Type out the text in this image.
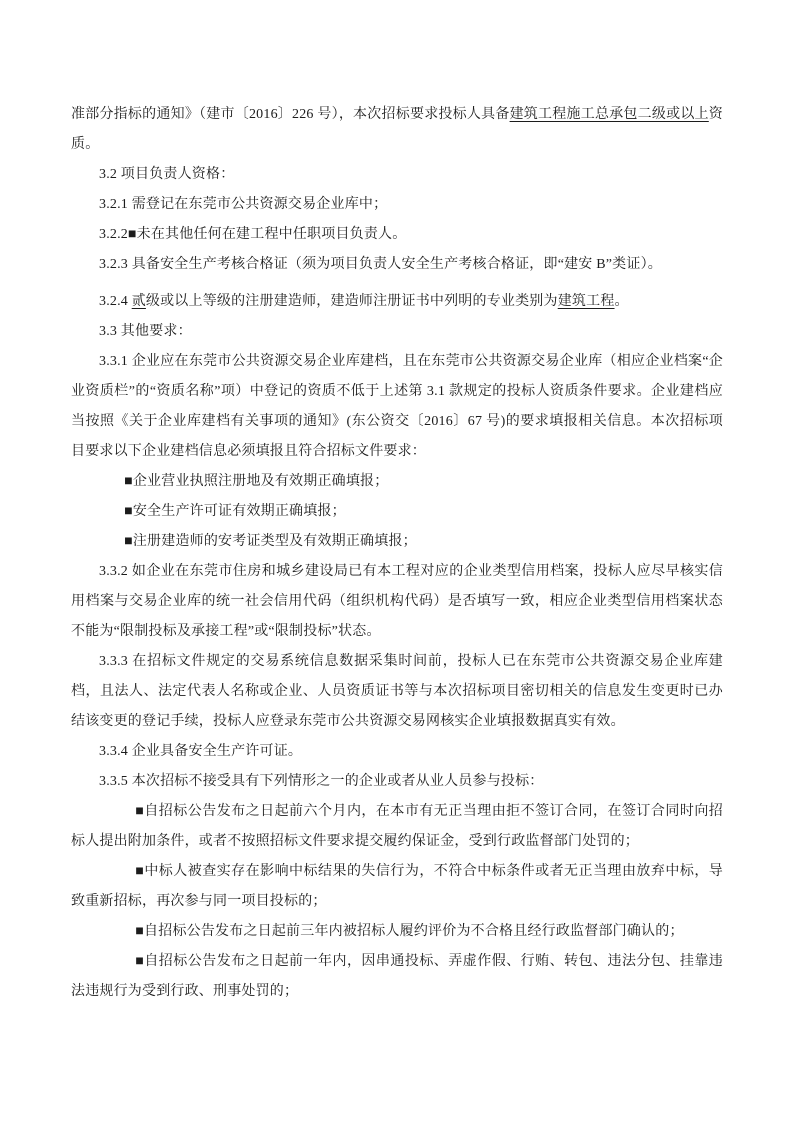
准部分指标的通知》（建市〔2016〕226 号），本次招标要求投标人具备建筑工程施工总承包二级或以上资质。

3.2 项目负责人资格：

3.2.1 需登记在东莞市公共资源交易企业库中；

3.2.2■未在其他任何在建工程中任职项目负责人。

3.2.3 具备安全生产考核合格证（须为项目负责人安全生产考核合格证，即“建安 B”类证）。

3.2.4 贰级或以上等级的注册建造师，建造师注册证书中列明的专业类别为建筑工程。

3.3 其他要求：

3.3.1 企业应在东莞市公共资源交易企业库建档，且在东莞市公共资源交易企业库（相应企业档案“企业资质栏”的“资质名称”项）中登记的资质不低于上述第 3.1 款规定的投标人资质条件要求。企业建档应当按照《关于企业库建档有关事项的通知》(东公资交〔2016〕67 号)的要求填报相关信息。本次招标项目要求以下企业建档信息必须填报且符合招标文件要求：

■企业营业执照注册地及有效期正确填报；

■安全生产许可证有效期正确填报；

■注册建造师的安考证类型及有效期正确填报；

3.3.2 如企业在东莞市住房和城乡建设局已有本工程对应的企业类型信用档案，投标人应尽早核实信用档案与交易企业库的统一社会信用代码（组织机构代码）是否填写一致，相应企业类型信用档案状态不能为“限制投标及承接工程”或“限制投标”状态。

3.3.3 在招标文件规定的交易系统信息数据采集时间前，投标人已在东莞市公共资源交易企业库建档，且法人、法定代表人名称或企业、人员资质证书等与本次招标项目密切相关的信息发生变更时已办结该变更的登记手续，投标人应登录东莞市公共资源交易网核实企业填报数据真实有效。

3.3.4 企业具备安全生产许可证。

3.3.5 本次招标不接受具有下列情形之一的企业或者从业人员参与投标：

■自招标公告发布之日起前六个月内，在本市有无正当理由拒不签订合同，在签订合同时向招标人提出附加条件，或者不按照招标文件要求提交履约保证金，受到行政监督部门处罚的；

■中标人被查实存在影响中标结果的失信行为，不符合中标条件或者无正当理由放弃中标，导致重新招标，再次参与同一项目投标的；

■自招标公告发布之日起前三年内被招标人履约评价为不合格且经行政监督部门确认的；

■自招标公告发布之日起前一年内，因串通投标、弄虚作假、行贿、转包、违法分包、挂靠违法违规行为受到行政、刑事处罚的；
